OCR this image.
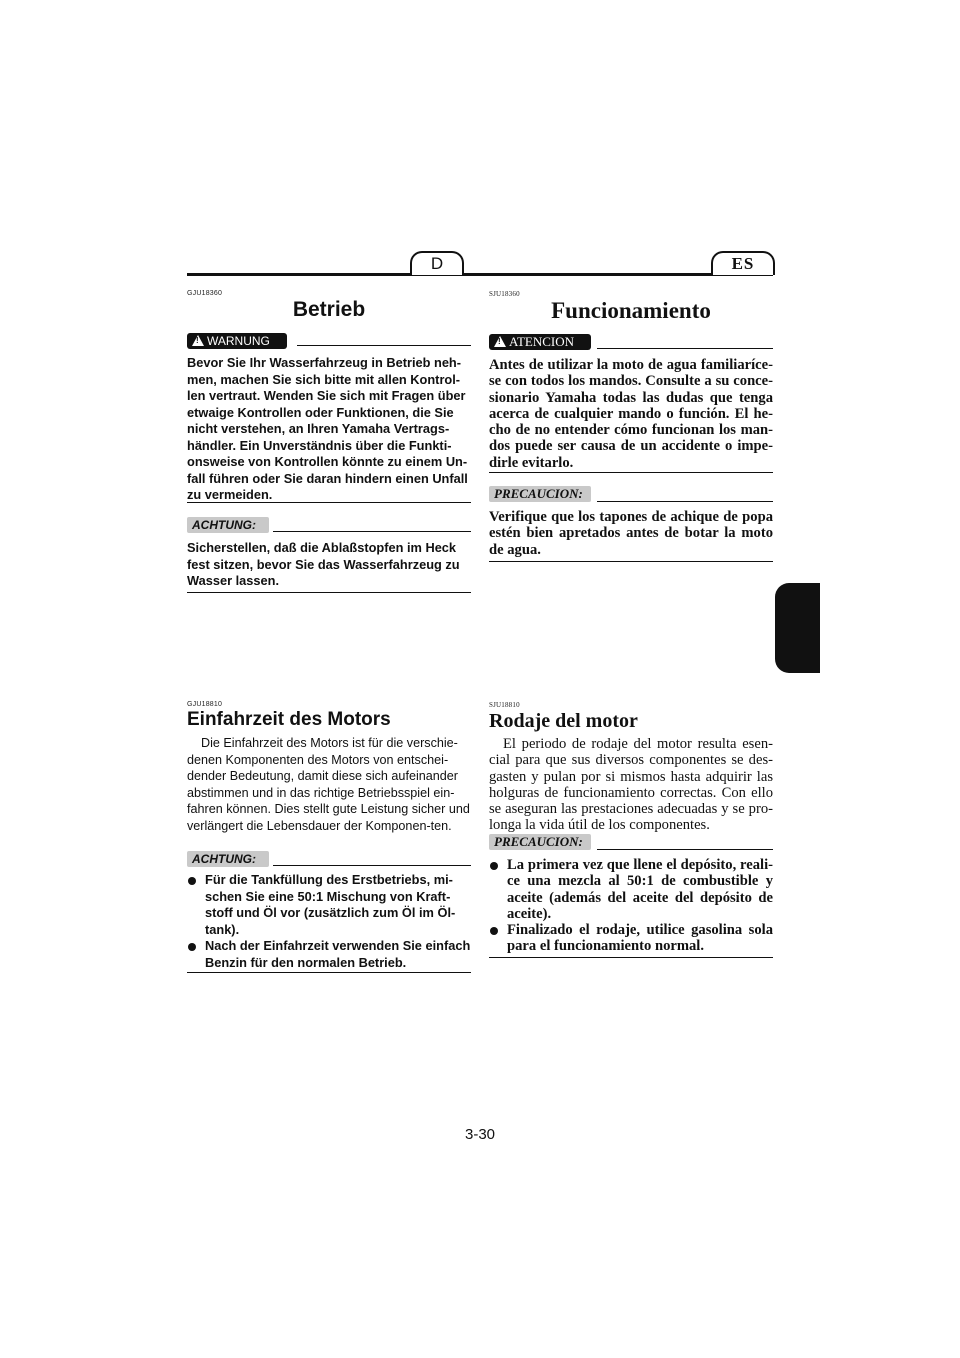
D	ES
GJU18360
Betrieb
!WARNUNG
Bevor Sie Ihr Wasserfahrzeug in Betrieb neh-men, machen Sie sich bitte mit allen Kontrol-len vertraut. Wenden Sie sich mit Fragen über etwaige Kontrollen oder Funktionen, die Sie nicht verstehen, an Ihren Yamaha Vertrags-händler. Ein Unverständnis über die Funkti-onsweise von Kontrollen könnte zu einem Un-fall führen oder Sie daran hindern einen Unfall zu vermeiden.
ACHTUNG:
Sicherstellen, daß die Ablaßstopfen im Heck fest sitzen, bevor Sie das Wasserfahrzeug zu Wasser lassen.
SJU18360
Funcionamiento
!ATENCION
Antes de utilizar la moto de agua familiaríce-se con todos los mandos. Consulte a su conce-sionario Yamaha todas las dudas que tenga acerca de cualquier mando o función. El he-cho de no entender cómo funcionan los man-dos puede ser causa de un accidente o impe-dirle evitarlo.
PRECAUCION:
Verifique que los tapones de achique de popa estén bien apretados antes de botar la moto de agua.
GJU18810
Einfahrzeit des Motors
Die Einfahrzeit des Motors ist für die verschie-denen Komponenten des Motors von entschei-dender Bedeutung, damit diese sich aufeinander abstimmen und in das richtige Betriebsspiel ein-fahren können. Dies stellt gute Leistung sicher und verlängert die Lebensdauer der Komponen-ten.
ACHTUNG:
Für die Tankfüllung des Erstbetriebs, mi-schen Sie eine 50:1 Mischung von Kraft-stoff und Öl vor (zusätzlich zum Öl im Öl-tank).
Nach der Einfahrzeit verwenden Sie einfach Benzin für den normalen Betrieb.
SJU18810
Rodaje del motor
El periodo de rodaje del motor resulta esen-cial para que sus diversos componentes se des-gasten y pulan por si mismos hasta adquirir las holguras de funcionamiento correctas. Con ello se aseguran las prestaciones adecuadas y se pro-longa la vida útil de los componentes.
PRECAUCION:
La primera vez que llene el depósito, reali-ce una mezcla al 50:1 de combustible y aceite (además del aceite del depósito de aceite).
Finalizado el rodaje, utilice gasolina sola para el funcionamiento normal.
3-30
